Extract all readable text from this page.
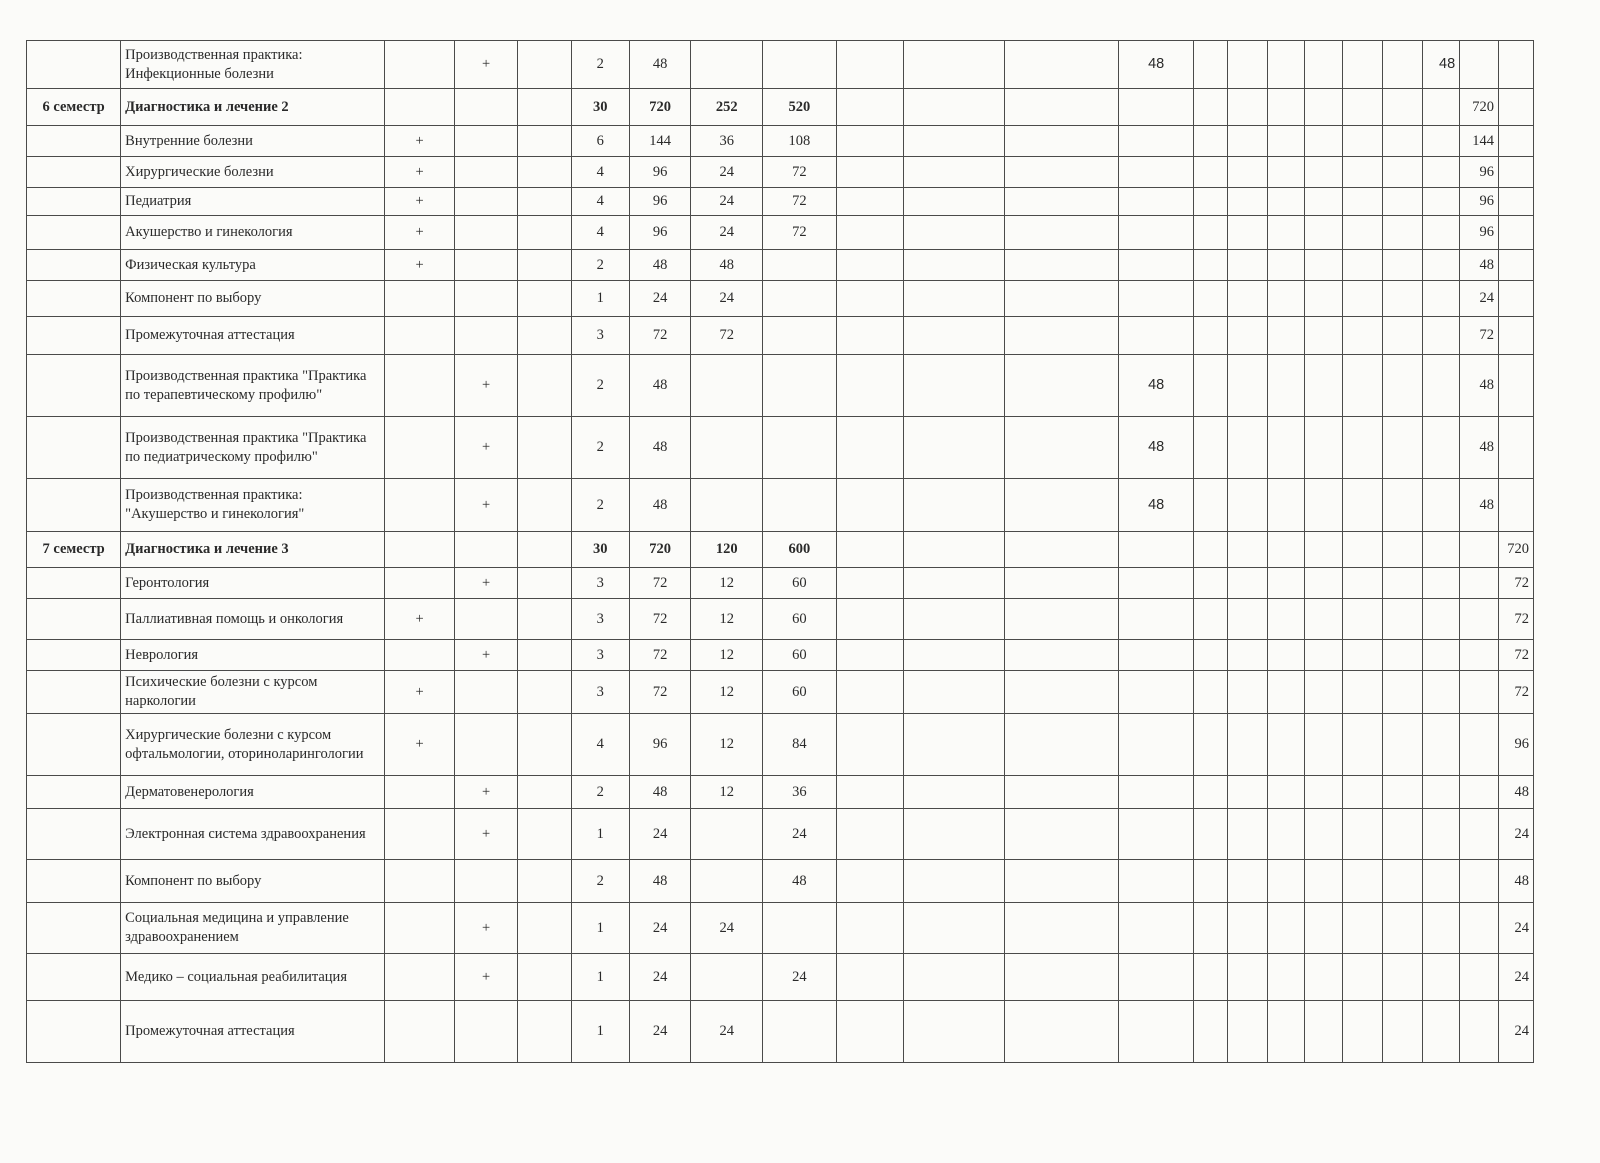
	Производственная практика: Инфекционные болезни		+		2	48						48							48		
6 семестр	Диагностика и лечение 2				30	720	252	520												720	
	Внутренние болезни	+			6	144	36	108												144	
	Хирургические болезни	+			4	96	24	72												96	
	Педиатрия	+			4	96	24	72												96	
	Акушерство и гинекология	+			4	96	24	72												96	
	Физическая культура	+			2	48	48													48	
	Компонент по выбору				1	24	24													24	
	Промежуточная аттестация				3	72	72													72	
	Производственная практика "Практика по терапевтическому профилю"		+		2	48						48								48	
	Производственная практика "Практика по педиатрическому профилю"		+		2	48						48								48	
	Производственная практика: "Акушерство и гинекология"		+		2	48						48								48	
7 семестр	Диагностика и лечение 3				30	720	120	600													720
	Геронтология		+		3	72	12	60													72
	Паллиативная помощь и онкология	+			3	72	12	60													72
	Неврология		+		3	72	12	60													72
	Психические болезни с курсом наркологии	+			3	72	12	60													72
	Хирургические болезни с курсом офтальмологии, оториноларингологии	+			4	96	12	84													96
	Дерматовенерология		+		2	48	12	36													48
	Электронная система здравоохранения		+		1	24		24													24
	Компонент по выбору				2	48		48													48
	Социальная медицина и управление здравоохранением		+		1	24	24														24
	Медико – социальная реабилитация		+		1	24		24													24
	Промежуточная аттестация				1	24	24														24
